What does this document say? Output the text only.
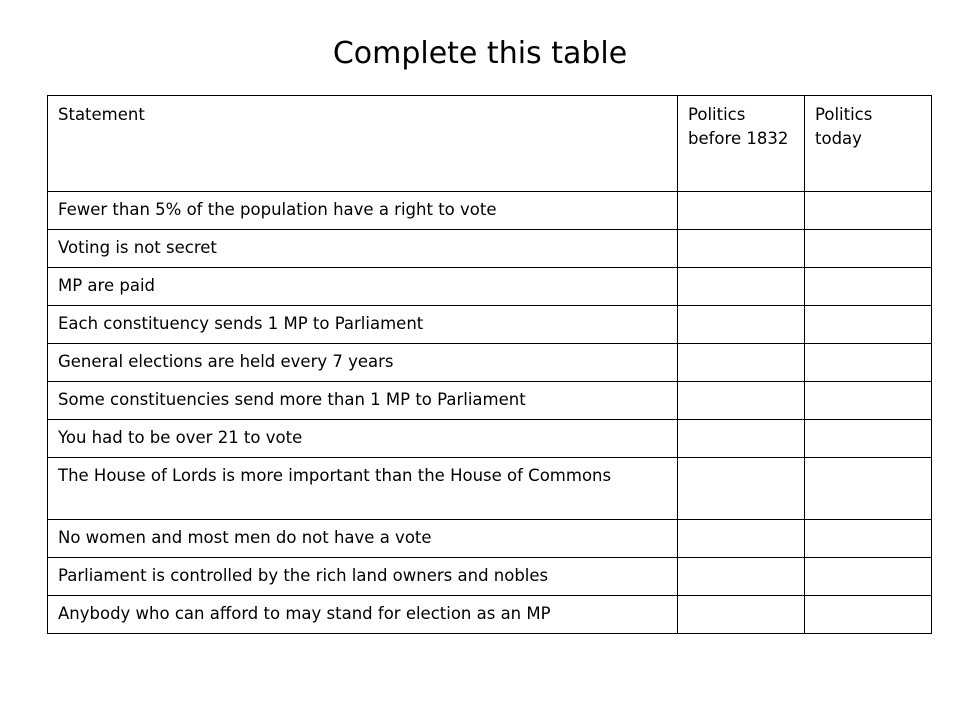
Complete this table
Statement	Politics before 1832	Politics today
Fewer than 5% of the population have a right to vote		
Voting is not secret		
MP are paid		
Each constituency sends 1 MP to Parliament		
General elections are held every 7 years		
Some constituencies send more than 1 MP to Parliament		
You had to be over 21 to vote		
The House of Lords is more important than the House of Commons		
No women and most men do not have a vote		
Parliament is controlled by the rich land owners and nobles		
Anybody who can afford to may stand for election as an MP		
